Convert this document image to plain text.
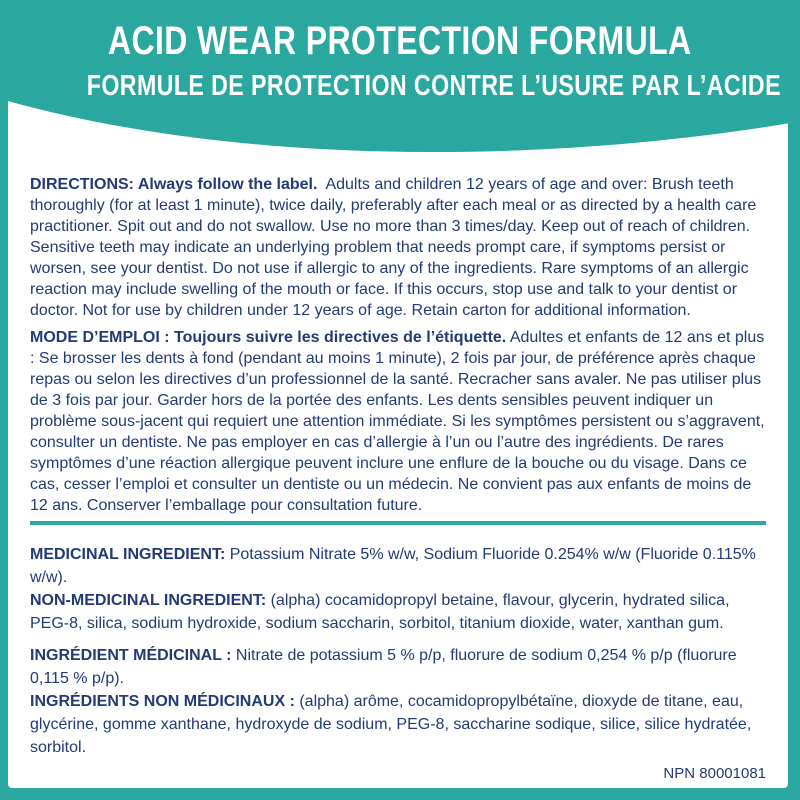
ACID WEAR PROTECTION FORMULA
FORMULE DE PROTECTION CONTRE L’USURE PAR L’ACIDE

DIRECTIONS: Always follow the label.  Adults and children 12 years of age and over: Brush teeth thoroughly (for at least 1 minute), twice daily, preferably after each meal or as directed by a health care practitioner. Spit out and do not swallow. Use no more than 3 times/day. Keep out of reach of children. Sensitive teeth may indicate an underlying problem that needs prompt care, if symptoms persist or worsen, see your dentist. Do not use if allergic to any of the ingredients. Rare symptoms of an allergic reaction may include swelling of the mouth or face. If this occurs, stop use and talk to your dentist or doctor. Not for use by children under 12 years of age. Retain carton for additional information.

MODE D’EMPLOI : Toujours suivre les directives de l’étiquette. Adultes et enfants de 12 ans et plus : Se brosser les dents à fond (pendant au moins 1 minute), 2 fois par jour, de préférence après chaque repas ou selon les directives d’un professionnel de la santé. Recracher sans avaler. Ne pas utiliser plus de 3 fois par jour. Garder hors de la portée des enfants. Les dents sensibles peuvent indiquer un problème sous-jacent qui requiert une attention immédiate. Si les symptômes persistent ou s’aggravent, consulter un dentiste. Ne pas employer en cas d’allergie à l’un ou l’autre des ingrédients. De rares symptômes d’une réaction allergique peuvent inclure une enflure de la bouche ou du visage. Dans ce cas, cesser l’emploi et consulter un dentiste ou un médecin. Ne convient pas aux enfants de moins de 12 ans. Conserver l’emballage pour consultation future.

MEDICINAL INGREDIENT: Potassium Nitrate 5% w/w, Sodium Fluoride 0.254% w/w (Fluoride 0.115% w/w).

NON-MEDICINAL INGREDIENT: (alpha) cocamidopropyl betaine, flavour, glycerin, hydrated silica, PEG-8, silica, sodium hydroxide, sodium saccharin, sorbitol, titanium dioxide, water, xanthan gum.

INGRÉDIENT MÉDICINAL : Nitrate de potassium 5 % p/p, fluorure de sodium 0,254 % p/p (fluorure 0,115 % p/p).

INGRÉDIENTS NON MÉDICINAUX : (alpha) arôme, cocamidopropylbétaïne, dioxyde de titane, eau, glycérine, gomme xanthane, hydroxyde de sodium, PEG-8, saccharine sodique, silice, silice hydratée, sorbitol.

NPN 80001081
